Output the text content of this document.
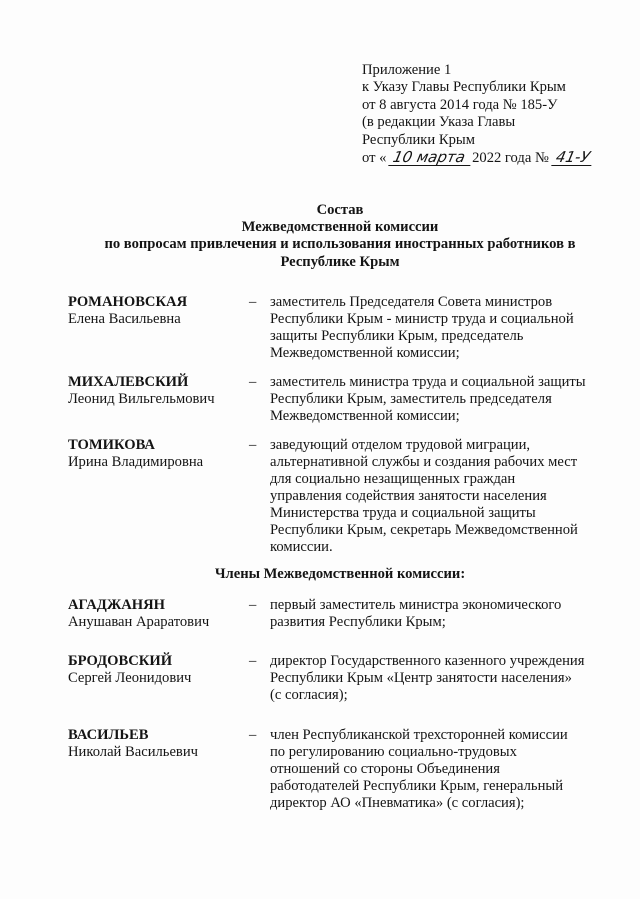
Приложение 1
к Указу Главы Республики Крым
от 8 августа 2014 года № 185-У
(в редакции Указа Главы
Республики Крым
от « 10 марта 2022 года № 41-У
Состав
Межведомственной комиссии
по вопросам привлечения и использования иностранных работников в
Республике Крым
РОМАНОВСКАЯ
Елена Васильевна
– заместитель Председателя Совета министров
Республики Крым - министр труда и социальной
защиты Республики Крым, председатель
Межведомственной комиссии;
МИХАЛЕВСКИЙ
Леонид Вильгельмович
– заместитель министра труда и социальной защиты
Республики Крым, заместитель председателя
Межведомственной комиссии;
ТОМИКОВА
Ирина Владимировна
– заведующий отделом трудовой миграции,
альтернативной службы и создания рабочих мест
для социально незащищенных граждан
управления содействия занятости населения
Министерства труда и социальной защиты
Республики Крым, секретарь Межведомственной
комиссии.
Члены Межведомственной комиссии:
АГАДЖАНЯН
Анушаван Араратович
– первый заместитель министра экономического
развития Республики Крым;
БРОДОВСКИЙ
Сергей Леонидович
– директор Государственного казенного учреждения
Республики Крым «Центр занятости населения»
(с согласия);
ВАСИЛЬЕВ
Николай Васильевич
– член Республиканской трехсторонней комиссии
по регулированию социально-трудовых
отношений со стороны Объединения
работодателей Республики Крым, генеральный
директор АО «Пневматика» (с согласия);
